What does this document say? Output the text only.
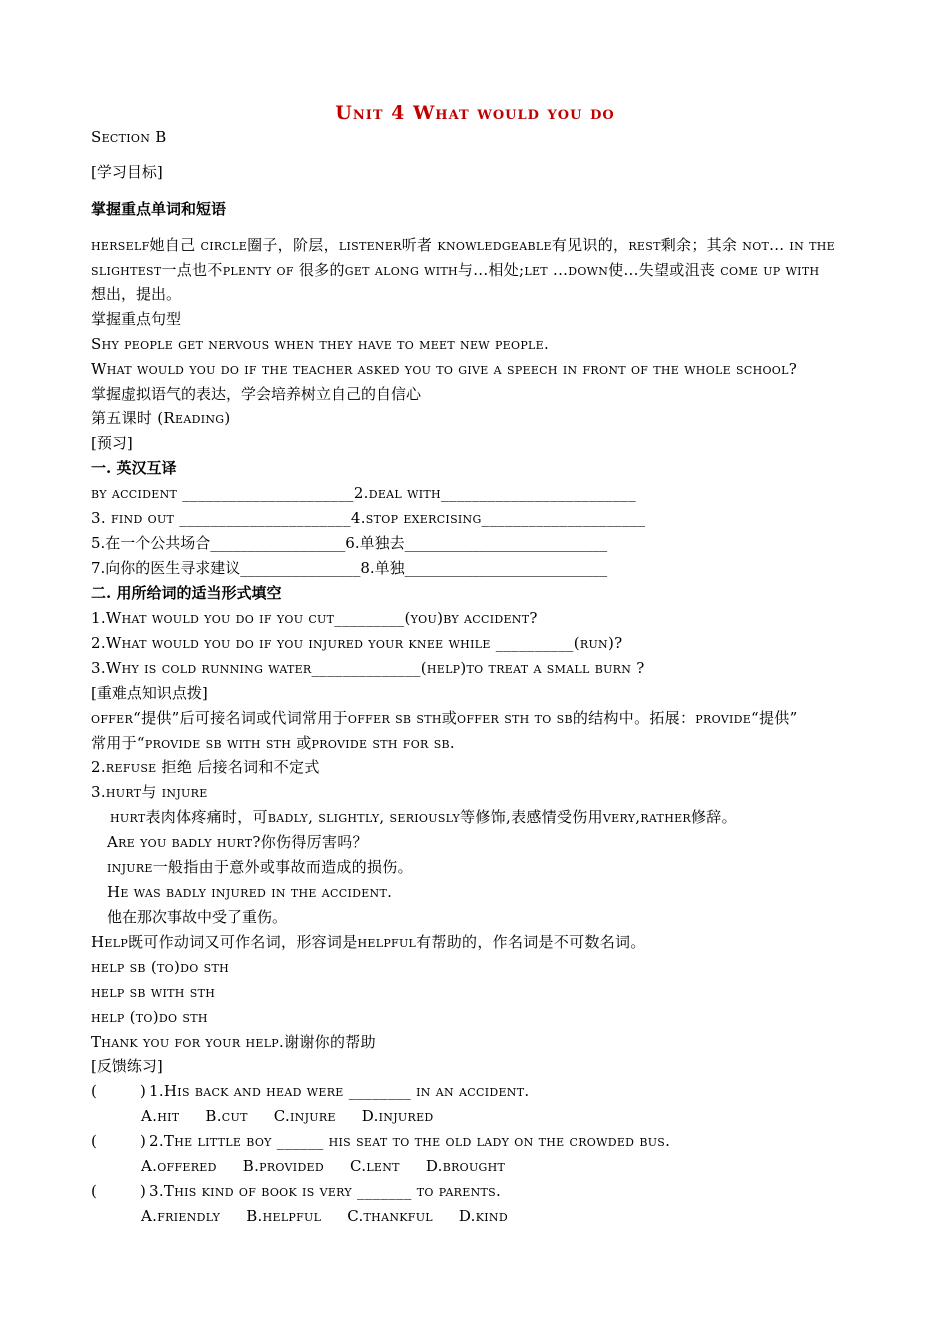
Unit 4 What would you do
Section B
[学习目标]
掌握重点单词和短语
herself她自己 circle圈子，阶层，listener听者 knowledgeable有见识的，rest剩余；其余 not... in the
slightest一点也不plenty of 很多的get along with与...相处;let ...down使...失望或沮丧 come up with
想出，提出。
掌握重点句型
Shy people get nervous when they have to meet new people.
What would you do if the teacher asked you to give a speech in front of the whole school?
掌握虚拟语气的表达，学会培养树立自己的自信心
第五课时 (Reading)
[预习]
一. 英汉互译
by accident ______________________2.deal with_________________________
3. find out ______________________4.stop exercising_____________________
5.在一个公共场合__________________6.单独去___________________________
7.向你的医生寻求建议________________8.单独___________________________
二. 用所给词的适当形式填空
1.What would you do if you cut_________(you)by accident?
2.What would you do if you injured your knee while __________(run)?
3.Why is cold running water______________(help)to treat a small burn ?
[重难点知识点拨]
offer“提供”后可接名词或代词常用于offer sb sth或offer sth to sb的结构中。拓展：provide“提供”
常用于“provide sb with sth 或provide sth for sb.
2.refuse 拒绝 后接名词和不定式
3.hurt与 injure
hurt表肉体疼痛时，可badly, slightly, seriously等修饰,表感情受伤用very,rather修辞。
Are you badly hurt?你伤得厉害吗？
injure一般指由于意外或事故而造成的损伤。
He was badly injured in the accident.
他在那次事故中受了重伤。
Help既可作动词又可作名词，形容词是helpful有帮助的，作名词是不可数名词。
help sb (to)do sth
help sb with sth
help (to)do sth
Thank you for your help.谢谢你的帮助
[反馈练习]
(	) 1.His back and head were ________ in an accident.
A.hit B.cut C.injure D.injured
(	) 2.The little boy ______ his seat to the old lady on the crowded bus.
A.offered B.provided C.lent D.brought
(	) 3.This kind of book is very _______ to parents.
A.friendly B.helpful C.thankful D.kind
